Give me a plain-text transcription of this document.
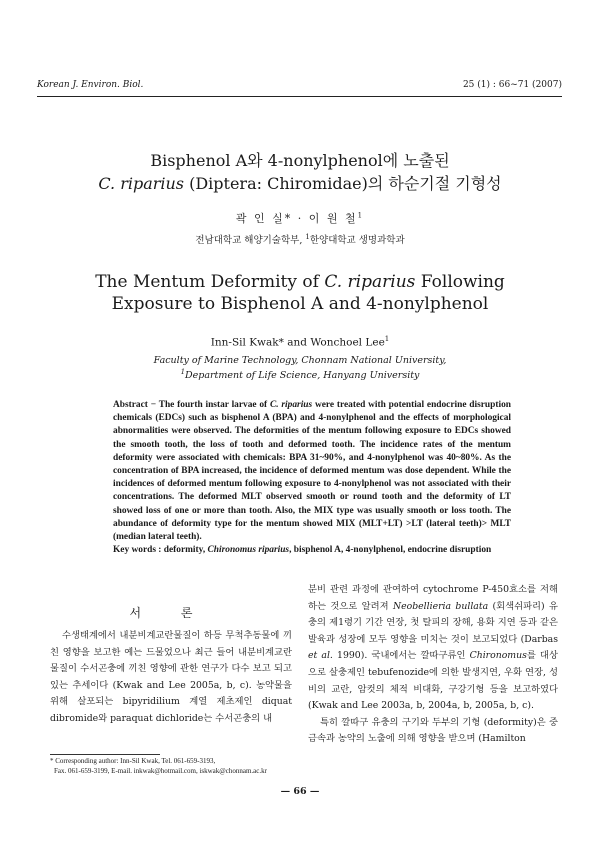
Korean J. Environ. Biol.	25 (1) : 66~71 (2007)
Bisphenol A와 4-nonylphenol에 노출된
C. riparius (Diptera: Chiromidae)의 하순기절 기형성
곽 인 실* · 이 원 철$^1$
전남대학교 해양기술학부, $^1$한양대학교 생명과학과
The Mentum Deformity of C. riparius Following
Exposure to Bisphenol A and 4-nonylphenol
Inn-Sil Kwak* and Wonchoel Lee$^1$
Faculty of Marine Technology, Chonnam National University,
$^1$Department of Life Science, Hanyang University
Abstract − The fourth instar larvae of C. riparius were treated with potential endocrine disruption chemicals (EDCs) such as bisphenol A (BPA) and 4-nonylphenol and the effects of morphological abnormalities were observed. The deformities of the mentum following exposure to EDCs showed the smooth tooth, the loss of tooth and deformed tooth. The incidence rates of the mentum deformity were associated with chemicals: BPA 31~90%, and 4-nonylphenol was 40~80%. As the concentration of BPA increased, the incidence of deformed mentum was dose dependent. While the incidences of deformed mentum following exposure to 4-nonylphenol was not associated with their concentrations. The deformed MLT observed smooth or round tooth and the deformity of LT showed loss of one or more than tooth. Also, the MIX type was usually smooth or loss tooth. The abundance of deformity type for the mentum showed MIX (MLT+LT) >LT (lateral teeth)> MLT (median lateral teeth).
Key words : deformity, Chironomus riparius, bisphenol A, 4-nonylphenol, endocrine disruption
서 론

수생태계에서 내분비계교란물질이 하등 무척추동물에 끼친 영향을 보고한 예는 드물었으나 최근 들어 내분비계교란물질이 수서곤충에 끼친 영향에 관한 연구가 다수 보고 되고 있는 추세이다 (Kwak and Lee 2005a, b, c). 농약물을 위해 살포되는 bipyridilium 계열 제초제인 diquat dibromide와 paraquat dichloride는 수서곤충의 내

분비 관련 과정에 관여하여 cytochrome P-450효소를 저해하는 것으로 알려져 Neobellieria bullata (회색쉬파리) 유충의 제1령기 기간 연장, 첫 탈피의 장해, 용화 지연 등과 같은 발육과 성장에 모두 영향을 미치는 것이 보고되었다 (Darbas et al. 1990). 국내에서는 깔따구류인 Chironomus를 대상으로 살충제인 tebufenozide에 의한 발생지연, 우화 연장, 성비의 교란, 암컷의 체적 비대화, 구강기형 등을 보고하였다 (Kwak and Lee 2003a, b, 2004a, b, 2005a, b, c).

특히 깔따구 유충의 구기와 두부의 기형 (deformity)은 중금속과 농약의 노출에 의해 영향을 받으며 (Hamilton

* Corresponding author: Inn-Sil Kwak, Tel. 061-659-3193,
Fax. 061-659-3199, E-mail. inkwak@hotmail.com, iskwak@chonnam.ac.kr
— 66 —
